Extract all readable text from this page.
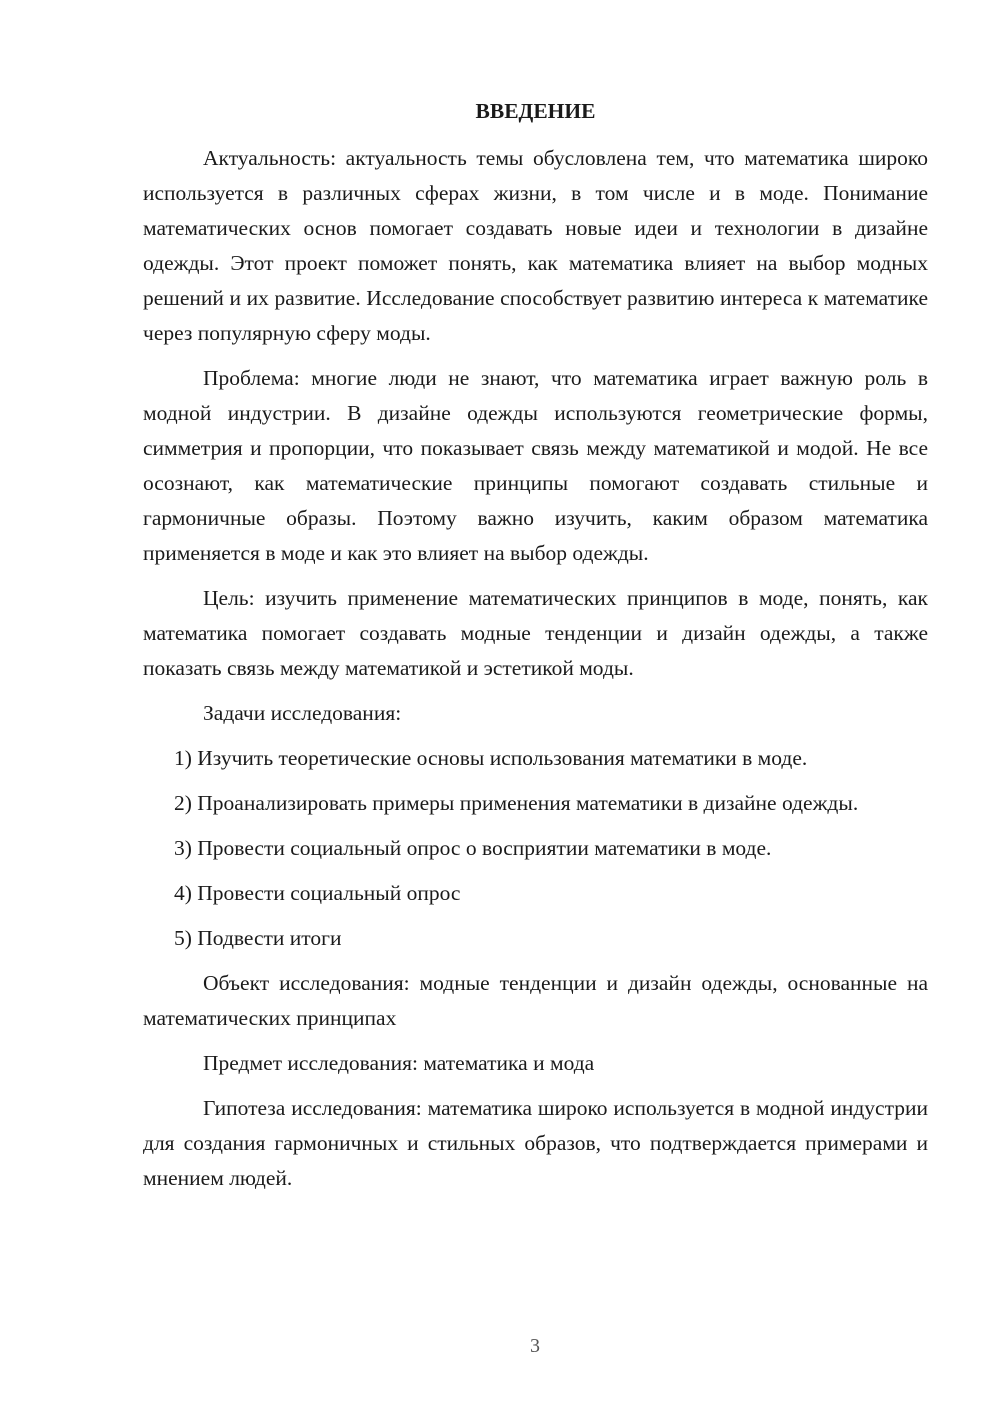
ВВЕДЕНИЕ

Актуальность: актуальность темы обусловлена тем, что математика широко используется в различных сферах жизни, в том числе и в моде. Понимание математических основ помогает создавать новые идеи и технологии в дизайне одежды. Этот проект поможет понять, как математика влияет на выбор модных решений и их развитие. Исследование способствует развитию интереса к математике через популярную сферу моды.

Проблема: многие люди не знают, что математика играет важную роль в модной индустрии. В дизайне одежды используются геометрические формы, симметрия и пропорции, что показывает связь между математикой и модой. Не все осознают, как математические принципы помогают создавать стильные и гармоничные образы. Поэтому важно изучить, каким образом математика применяется в моде и как это влияет на выбор одежды.

Цель: изучить применение математических принципов в моде, понять, как математика помогает создавать модные тенденции и дизайн одежды, а также показать связь между математикой и эстетикой моды.

Задачи исследования:

1) Изучить теоретические основы использования математики в моде.

2) Проанализировать примеры применения математики в дизайне одежды.

3) Провести социальный опрос о восприятии математики в моде.

4) Провести социальный опрос

5) Подвести итоги

Объект исследования: модные тенденции и дизайн одежды, основанные на математических принципах

Предмет исследования: математика и мода

Гипотеза исследования: математика широко используется в модной индустрии для создания гармоничных и стильных образов, что подтверждается примерами и мнением людей.

3
